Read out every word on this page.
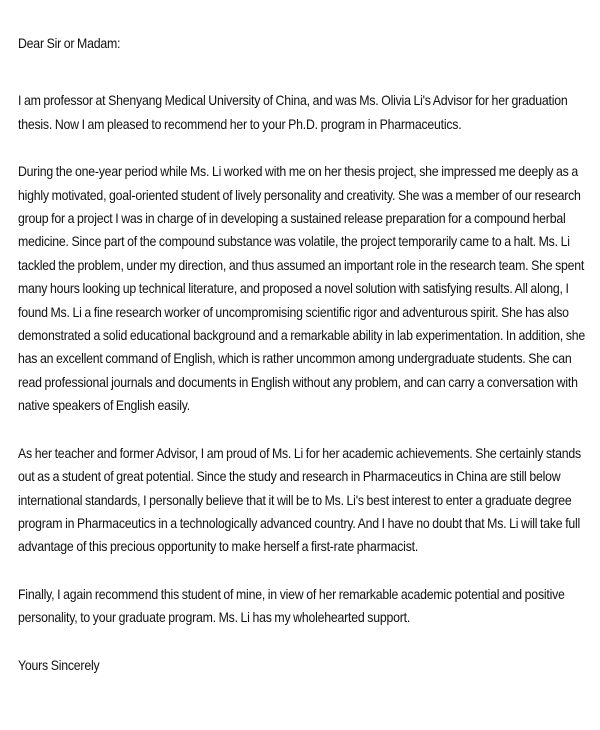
Dear Sir or Madam:

I am professor at Shenyang Medical University of China, and was Ms. Olivia Li's Advisor for her graduation thesis. Now I am pleased to recommend her to your Ph.D. program in Pharmaceutics.

During the one-year period while Ms. Li worked with me on her thesis project, she impressed me deeply as a highly motivated, goal-oriented student of lively personality and creativity. She was a member of our research group for a project I was in charge of in developing a sustained release preparation for a compound herbal medicine. Since part of the compound substance was volatile, the project temporarily came to a halt. Ms. Li tackled the problem, under my direction, and thus assumed an important role in the research team. She spent many hours looking up technical literature, and proposed a novel solution with satisfying results. All along, I found Ms. Li a fine research worker of uncompromising scientific rigor and adventurous spirit. She has also demonstrated a solid educational background and a remarkable ability in lab experimentation. In addition, she has an excellent command of English, which is rather uncommon among undergraduate students. She can read professional journals and documents in English without any problem, and can carry a conversation with native speakers of English easily.

As her teacher and former Advisor, I am proud of Ms. Li for her academic achievements. She certainly stands out as a student of great potential. Since the study and research in Pharmaceutics in China are still below international standards, I personally believe that it will be to Ms. Li's best interest to enter a graduate degree program in Pharmaceutics in a technologically advanced country. And I have no doubt that Ms. Li will take full advantage of this precious opportunity to make herself a first-rate pharmacist.

Finally, I again recommend this student of mine, in view of her remarkable academic potential and positive personality, to your graduate program. Ms. Li has my wholehearted support.

Yours Sincerely
